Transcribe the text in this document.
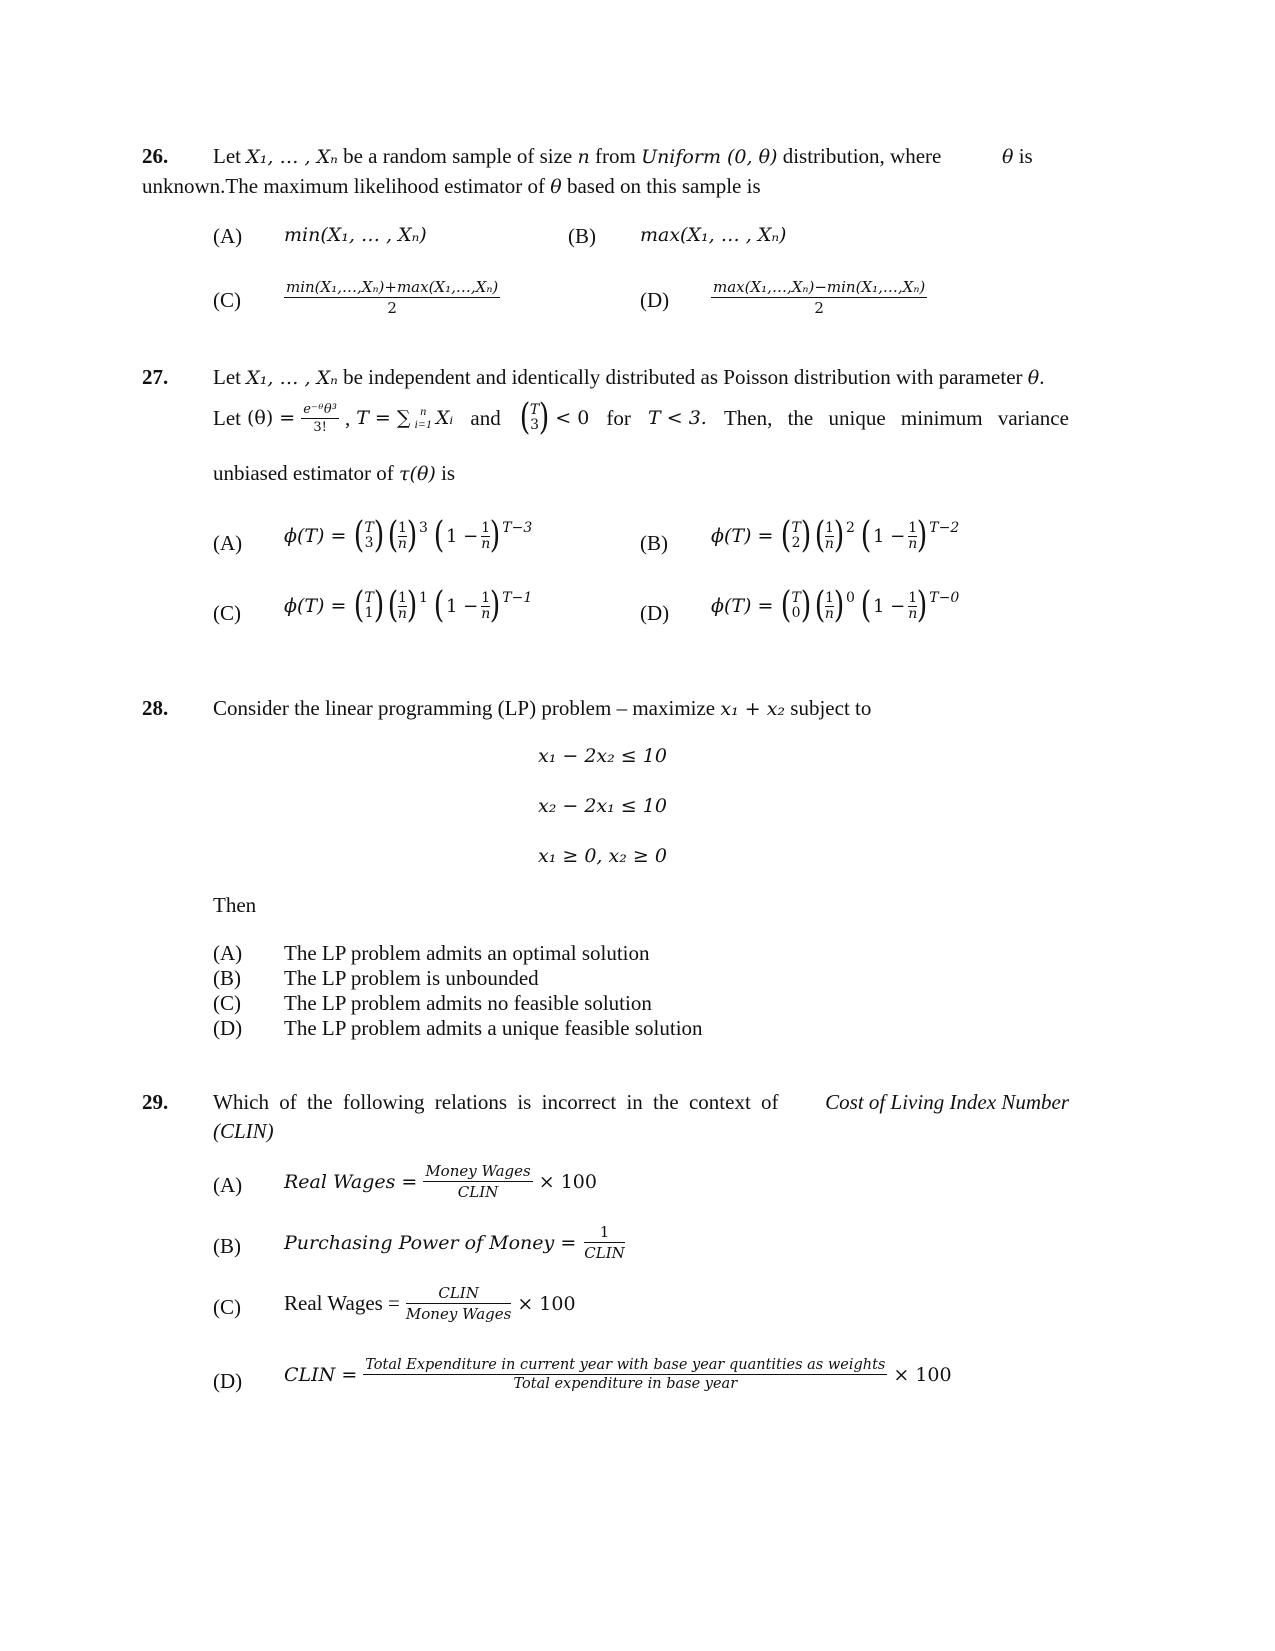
26. Let X₁, … , Xₙ be a random sample of size n from Uniform (0, θ) distribution, where	θ is
unknown.The maximum likelihood estimator of θ based on this sample is
(A) min(X₁, … , Xₙ)	(B) max(X₁, … , Xₙ)
(C)	$\frac{\text{min(X₁,…,Xₙ)+max(X₁,…,Xₙ)}}{2}$	(D)	$\frac{\text{max(X₁,…,Xₙ)−min(X₁,…,Xₙ)}}{2}$
27. Let X₁, … , Xₙ be independent and identically distributed as Poisson distribution with parameter θ.
Let $(\theta) = \frac{\text{e⁻ᶿθ³}}{3!}$ , T = ∑ n
i=1 Xᵢ and ( T
3 ) < 0 for T < 3. Then, the unique minimum variance
unbiased estimator of τ(θ) is
(A) ϕ(T) = ( T
3 ) ( 1
n )$^3$ ( $1 - \frac{1}{n} )^{T-3}$
(B) ϕ(T) = ( T
2 ) ( 1
n )$^2$ ( $1 - \frac{1}{n} )^{T-2}$
(C) ϕ(T) = ( T
1 ) ( 1
n )$^1$ ( $1 - \frac{1}{n} )^{T-1}$
(D) ϕ(T) = ( T
0 ) ( 1
n )$^0$ ( $1 - \frac{1}{n} )^{T-0}$
28. Consider the linear programming (LP) problem – maximize x₁ + x₂ subject to
x₁ − 2x₂ ≤ 10
x₂ − 2x₁ ≤ 10
x₁ ≥ 0, x₂ ≥ 0
Then
(A) The LP problem admits an optimal solution
(B) The LP problem is unbounded
(C) The LP problem admits no feasible solution
(D) The LP problem admits a unique feasible solution
29. Which of the following relations is incorrect in the context of Cost of Living Index Number
(CLIN)
(A) Real Wages = $\frac{\text{Money Wages}}{\text{CLIN}} \times 100$
(B) Purchasing Power of Money = $\frac{1}{\text{CLIN}}$
(C) Real Wages = $\frac{\text{CLIN}}{\text{Money Wages}} \times 100$
(D) CLIN = Total Expenditure in current year with base year quantities as weights
Total expenditure in base year	× 100
